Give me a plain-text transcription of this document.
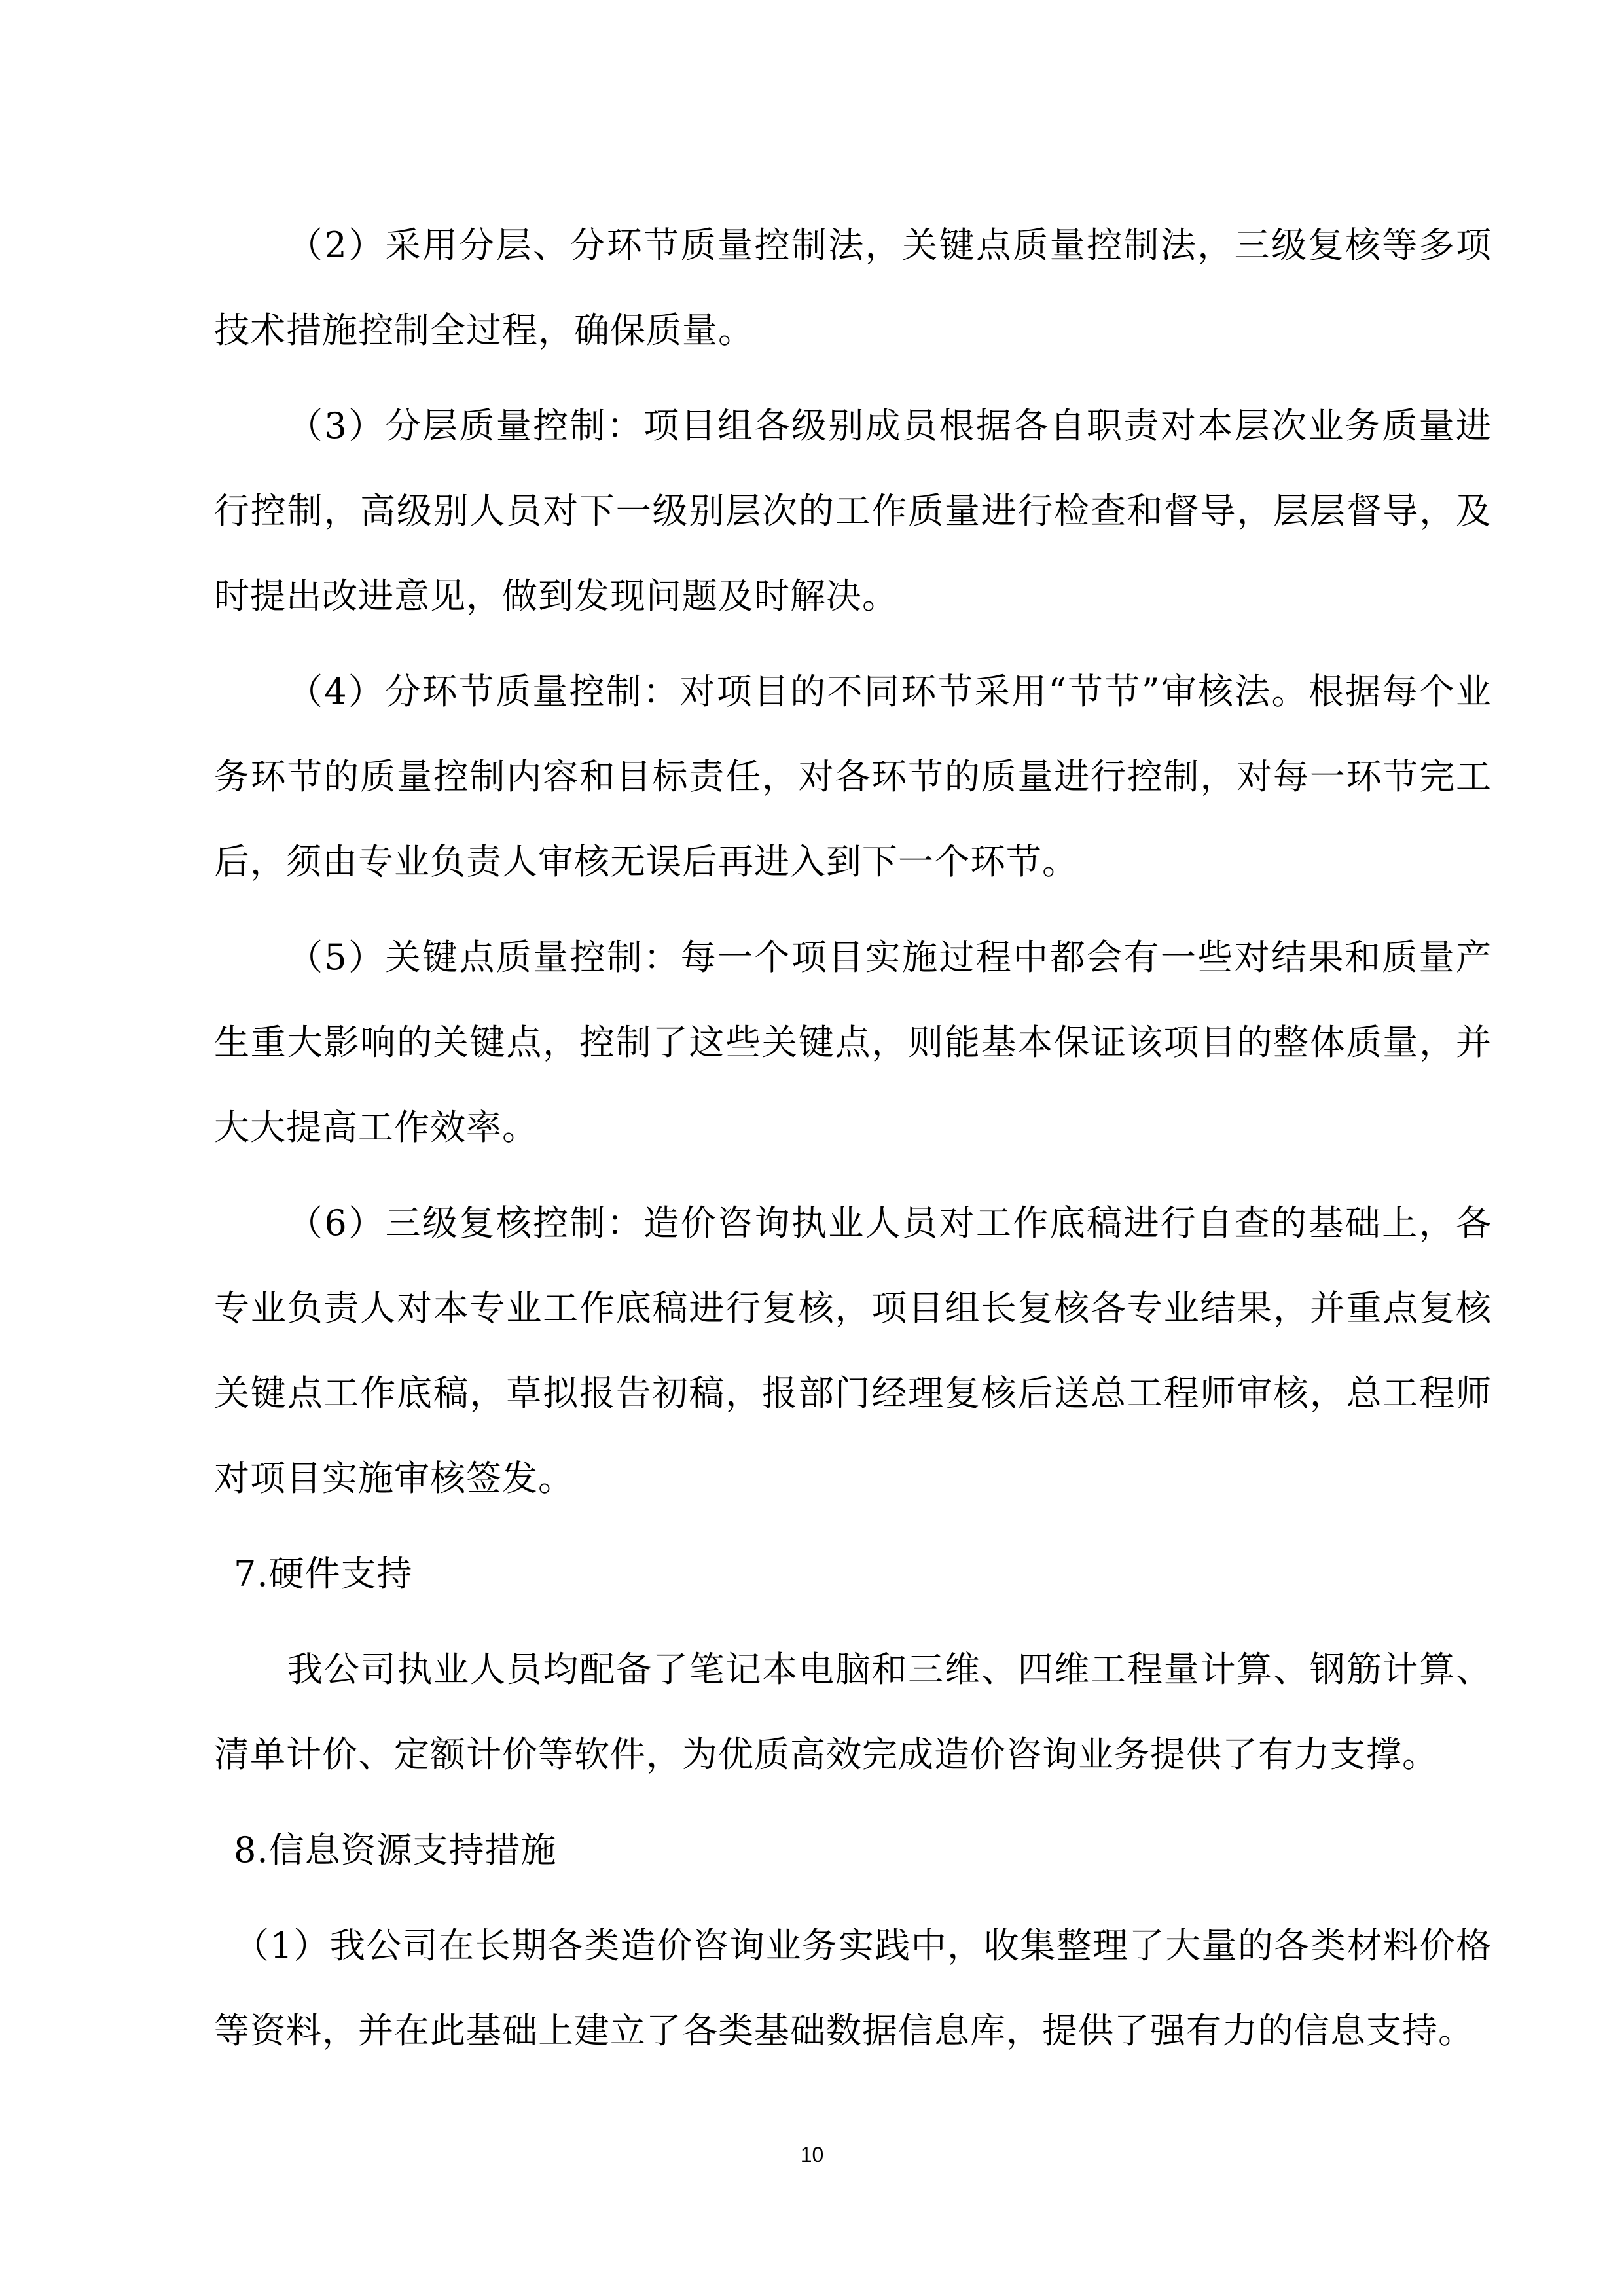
（2）采用分层、分环节质量控制法，关键点质量控制法，三级复核等多项技术措施控制全过程，确保质量。

（3）分层质量控制：项目组各级别成员根据各自职责对本层次业务质量进行控制，高级别人员对下一级别层次的工作质量进行检查和督导，层层督导，及时提出改进意见，做到发现问题及时解决。

（4）分环节质量控制：对项目的不同环节采用“节节”审核法。根据每个业务环节的质量控制内容和目标责任，对各环节的质量进行控制，对每一环节完工后，须由专业负责人审核无误后再进入到下一个环节。

（5）关键点质量控制：每一个项目实施过程中都会有一些对结果和质量产生重大影响的关键点，控制了这些关键点，则能基本保证该项目的整体质量，并大大提高工作效率。

（6）三级复核控制：造价咨询执业人员对工作底稿进行自查的基础上，各专业负责人对本专业工作底稿进行复核，项目组长复核各专业结果，并重点复核关键点工作底稿，草拟报告初稿，报部门经理复核后送总工程师审核，总工程师对项目实施审核签发。

7.硬件支持

我公司执业人员均配备了笔记本电脑和三维、四维工程量计算、钢筋计算、清单计价、定额计价等软件，为优质高效完成造价咨询业务提供了有力支撑。

8.信息资源支持措施

（1）我公司在长期各类造价咨询业务实践中，收集整理了大量的各类材料价格等资料，并在此基础上建立了各类基础数据信息库，提供了强有力的信息支持。

10
